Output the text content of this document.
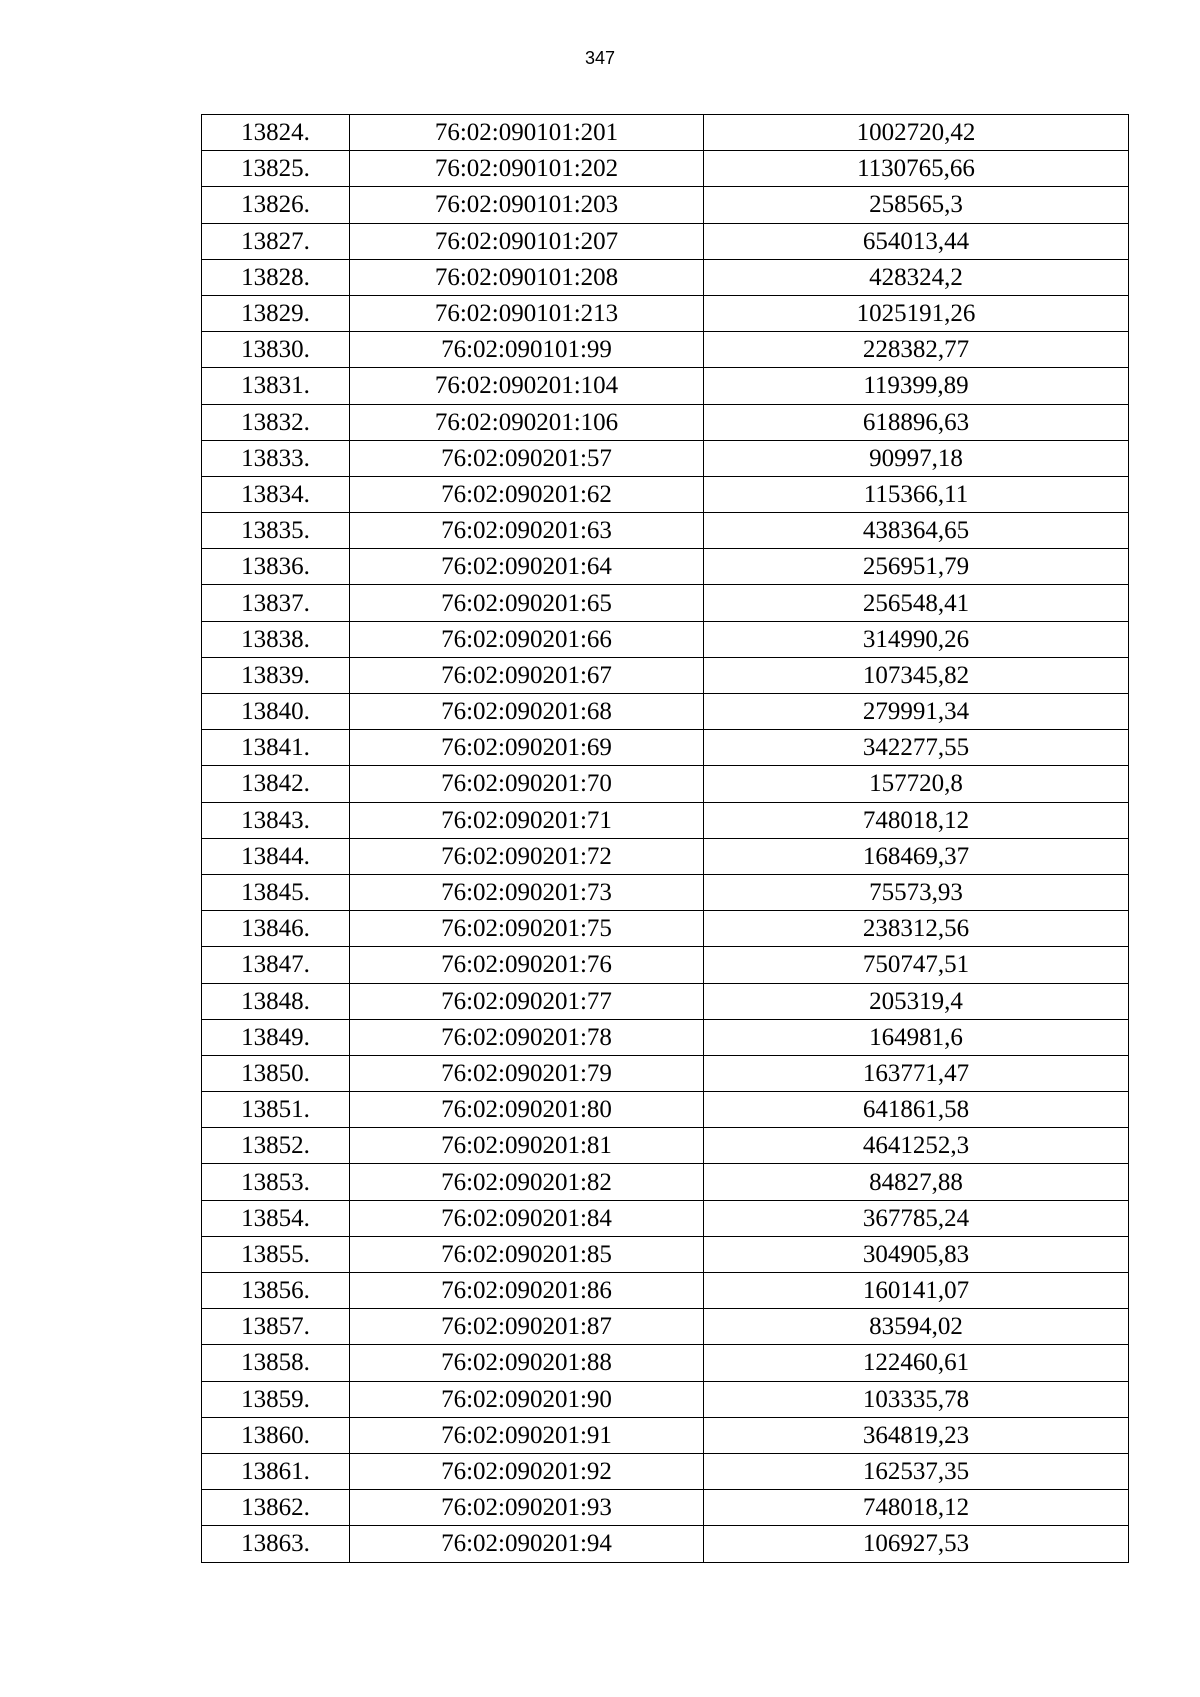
347
13824.	76:02:090101:201	1002720,42
13825.	76:02:090101:202	1130765,66
13826.	76:02:090101:203	258565,3
13827.	76:02:090101:207	654013,44
13828.	76:02:090101:208	428324,2
13829.	76:02:090101:213	1025191,26
13830.	76:02:090101:99	228382,77
13831.	76:02:090201:104	119399,89
13832.	76:02:090201:106	618896,63
13833.	76:02:090201:57	90997,18
13834.	76:02:090201:62	115366,11
13835.	76:02:090201:63	438364,65
13836.	76:02:090201:64	256951,79
13837.	76:02:090201:65	256548,41
13838.	76:02:090201:66	314990,26
13839.	76:02:090201:67	107345,82
13840.	76:02:090201:68	279991,34
13841.	76:02:090201:69	342277,55
13842.	76:02:090201:70	157720,8
13843.	76:02:090201:71	748018,12
13844.	76:02:090201:72	168469,37
13845.	76:02:090201:73	75573,93
13846.	76:02:090201:75	238312,56
13847.	76:02:090201:76	750747,51
13848.	76:02:090201:77	205319,4
13849.	76:02:090201:78	164981,6
13850.	76:02:090201:79	163771,47
13851.	76:02:090201:80	641861,58
13852.	76:02:090201:81	4641252,3
13853.	76:02:090201:82	84827,88
13854.	76:02:090201:84	367785,24
13855.	76:02:090201:85	304905,83
13856.	76:02:090201:86	160141,07
13857.	76:02:090201:87	83594,02
13858.	76:02:090201:88	122460,61
13859.	76:02:090201:90	103335,78
13860.	76:02:090201:91	364819,23
13861.	76:02:090201:92	162537,35
13862.	76:02:090201:93	748018,12
13863.	76:02:090201:94	106927,53
